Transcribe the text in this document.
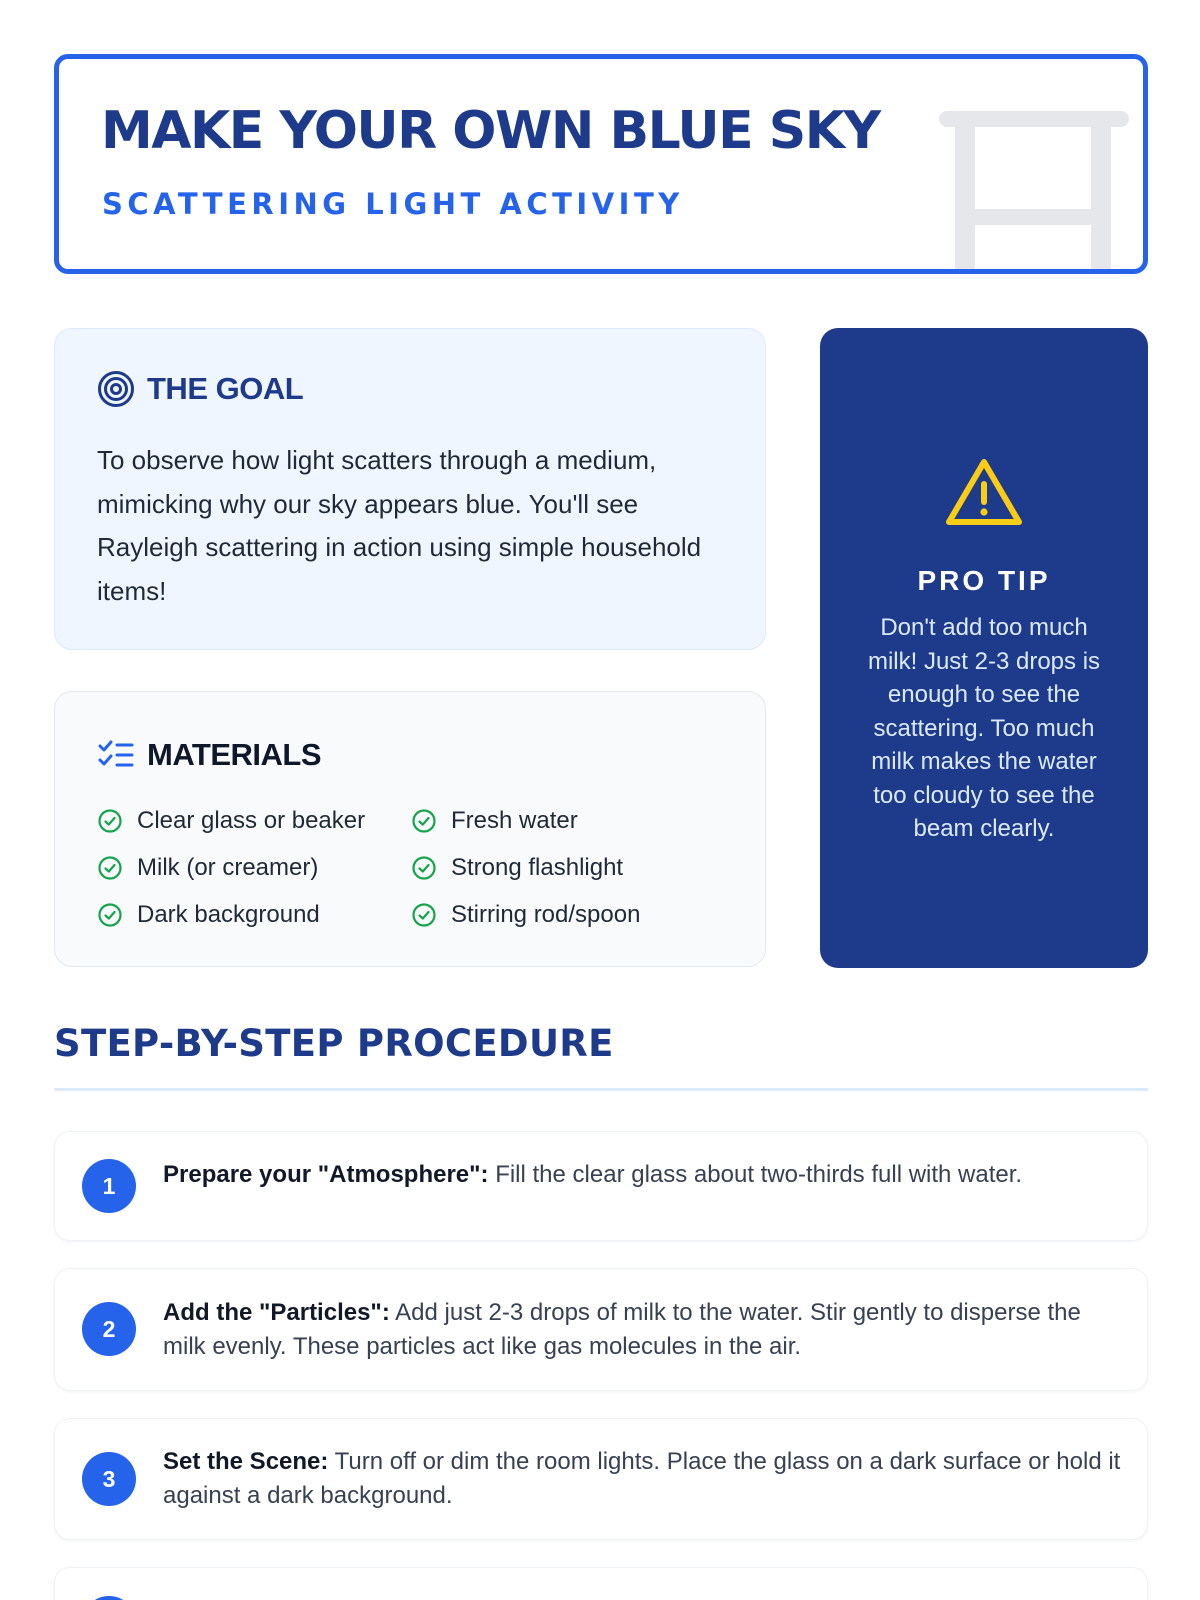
MAKE YOUR OWN BLUE SKY
SCATTERING LIGHT ACTIVITY
THE GOAL
To observe how light scatters through a medium, mimicking why our sky appears blue. You'll see Rayleigh scattering in action using simple household items!
MATERIALS
Clear glass or beaker	Fresh water
Milk (or creamer)	Strong flashlight
Dark background	Stirring rod/spoon
PRO TIP
Don't add too much milk! Just 2-3 drops is enough to see the scattering. Too much milk makes the water too cloudy to see the beam clearly.
STEP-BY-STEP PROCEDURE
1	Prepare your "Atmosphere": Fill the clear glass about two-thirds full with water.
2
Add the "Particles": Add just 2-3 drops of milk to the water. Stir gently to disperse the milk evenly. These particles act like gas molecules in the air.
3
Set the Scene: Turn off or dim the room lights. Place the glass on a dark surface or hold it against a dark background.
